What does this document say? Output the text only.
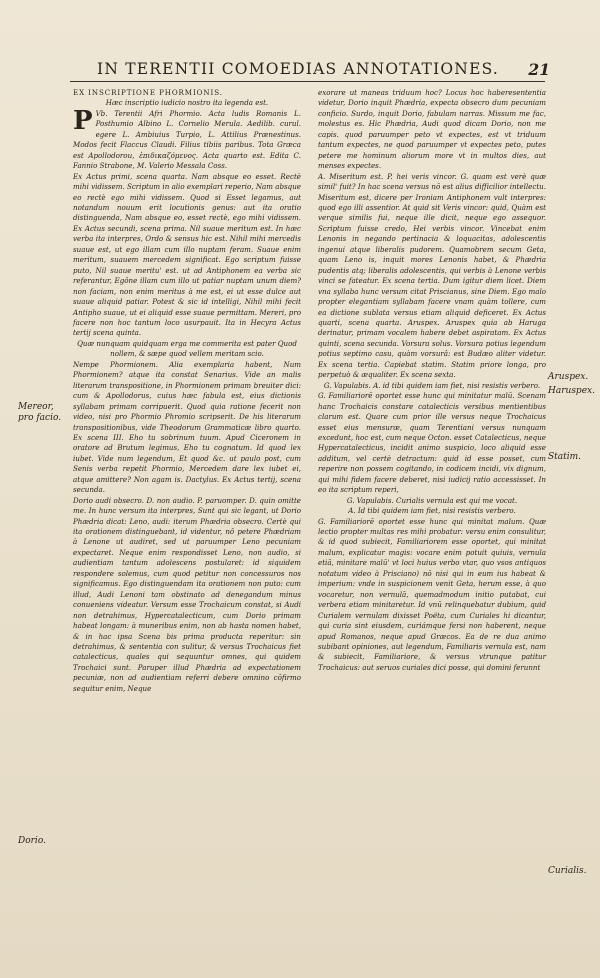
IN TERENTII COMOEDIAS ANNOTATIONES.	21
Mereor, pro facio.
Dorio.
Aruspex.
Haruspex.
Statim.
Curialis.

EX INSCRIPTIONE PHORMIONIS.

Hæc inscriptio iudicio nostro ita legenda est.

P Vb. Terentii Afri Phormio. Acta ludis Romanis L. Posthumio Albino L. Cornelio Merula. Aedilib. curul. egere L. Ambiuius Turpio, L. Attilius Prænestinus. Modos fecit Flaccus Claudi. Filius tibiis paribus. Tota Græca est Apollodorou, ἐπιδικαζόμενος. Acta quarto est. Edita C. Fannio Strabone, M. Valerio Messala Coss.

Ex Actus primi, scena quarta. Nam absque eo esset. Rectè mihi vidissem. Scriptum in alio exemplari reperio, Nam absque eo rectè ego mihi vidissem. Quod si Esset legamus, aut notandum nouum erit locutionis genus: aut ita oratio distinguenda, Nam absque eo, esset rectè, ego mihi vidissem. Ex Actus secundi, scena prima. Nil suaue meritum est. In hæc verba ita interpres, Ordo & sensus hic est. Nihil mihi mercedis suaue est, ut ego illam cum illo nuptam feram. Suaue enim meritum, suauem mercedem significat. Ego scriptum fuisse puto, Nil suaue meritu' est. ut ad Antiphonem ea verba sic referantur, Egône illam cum illo ut patiar nuptam unum diem? non faciam, non enim meritus à me est, ei ut esse dulce aut suaue aliquid patiar. Potest & sic id intelligi, Nihil mihi fecit Antipho suaue, ut ei aliquid esse suaue permittam. Mereri, pro facere non hoc tantum loco usurpauit. Ita in Hecyra Actus tertij scena quinta.

Quæ nunquam quidquam erga me commerita est pater Quod nollem, & sæpe quod vellem meritam scio.

Nempe Phormionem. Alia exemplaria habent, Num Phormionem? atque ita constat Senarius. Vide an malis literarum transpositione, in Phormionem primam breuiter dici: cum & Apollodorus, cuius hæc fabula est, eius dictionis syllabam primam corripuerit. Quod quia ratione fecerit non video, nisi pro Phormio Phromio scripserit. De his literarum transpositionibus, vide Theodorum Grammaticæ libro quarto. Ex scena III. Eho tu sobrinum tuum. Apud Ciceronem in oratore ad Brutum legimus, Eho tu cognatum. Id quod lex iubet. Vide num legendum, Et quod &c. ut paulo post, cum Senis verba repetit Phormio, Mercedem dare lex iubet ei, atque amittere? Non agam is. Dactylus. Ex Actus tertij, scena secunda.

Dorio audi obsecro. D. non audio. P. paruomper. D. quin omitte me. In hunc versum ita interpres, Sunt qui sic legant, ut Dorio Phædria dicat: Leno, audi: iterum Phædria obsecro. Certè qui ita orationem distinguebant, id videntur, nô petere Phædriam à Lenone ut audiret, sed ut paruumper Leno pecuniam expectaret. Neque enim respondisset Leno, non audio, si audientiam tantum adolescens postularet: id siquidem respondere solemus, cum quod petitur non concessuros nos significamus. Ego distinguendam ita orationem non puto: cum illud, Audi Lenoni tam obstinato ad denegandum minus conueniens videatur. Versum esse Trochaicum constat, si Audi non detrahimus, Hypercatalecticum, cum Dorio primam habeat longam: à muneribus enim, non ab hasta nomen habet, & in hac ipsa Scena bis prima producta reperitur: sin detrahimus, & sententia con sulitur, & versus Trochaicus fiet catalecticus, quales qui sequuntur omnes, qui quidem Trochaici sunt. Paruper illud Phædria ad expectationem pecuniæ, non ad audientiam referri debere omnino cōfirmo sequitur enim, Neque

exorare ut maneas triduum hoc? Locus hoc haberesententia videtur, Dorio inquit Phædria, expecta obsecro dum pecuniam conficio. Surdo, inquit Dorio, fabulam narras. Missum me fac, molestus es. Hic Phædria, Audi quod dicam Dorio, non me capis. quod paruumper peto vt expectes, est vt triduum tantum expectes, ne quod paruumper vt expectes peto, putes petere me hominum aliorum more vt in multos dies, aut menses expectes.

A. Miseritum est. P. hei veris vincor. G. quam est verè quæ simil' fuit? In hac scena versus nō est alius difficilior intellectu. Miseritum est, dicere per Ironiam Antiphonem vult interpres: quod ego illi assentior. At quid sit Veris vincor: quid, Quàm est verque similis fui, neque ille dicit, neque ego assequor. Scriptum fuisse credo, Hei verbis vincor. Vincebat enim Lenonis in negando pertinacia & loquacitas, adolescentis ingenui atque liberalis pudorem. Quamobrem secum Geta, quam Leno is, inquit mores Lenonis habet, & Phædria pudentis atq; liberalis adolescentis, qui verbis à Lenone verbis vinci se fateatur. Ex scena tertia. Dum igitur diem licet. Diem vna syllaba hunc versum citat Priscianus, sine Diem. Ego malo propter elegantiam syllabam facere vnam quàm tollere, cum ea dictione sublata versus etiam aliquid deficeret. Ex Actus quarti, scena quarta. Aruspex. Aruspex quia ab Haruga derinatur, primam vocalem habere debet aspiratam. Ex Actus quinti, scena secunda. Vorsura solus. Vorsura potius legendum potius septimo casu, quàm vorsurâ: est Budæo aliter videtur. Ex scena tertia. Capiebat statim. Statim priore longa, pro perpetuò & æqualiter. Ex scena sexta.

G. Vapulabis. A. id tibi quidem iam fiet, nisi resistis verbero.

G. Familiariorē oportet esse hunc qui minitatur malū. Scenam hanc Trochaicis constare catalecticis versibus mentientibus clarum est. Quare cum prior ille versus neque Trochaicus esset eius mensuræ, quam Terentiani versus nunquam excedunt, hoc est, cum neque Octon. esset Catalecticus, neque Hypercatalecticus, incidit animo suspicio, loco aliquid esse additum, vel certè detractum: quid id esse posset, cum reperire non possem cogitando, in codicem incidi, vix dignum, qui mihi fidem facere deberet, nisi iudicij ratio accessisset. In eo ita scriptum reperi,

G. Vapulabis. Curialis vernula est qui me vocat.

A. Id tibi quidem iam fiet, nisi resistis verbero.

G. Familiariorē oportet esse hunc qui minitat malum. Quæ lectio propter multas res mihi probatur: versu enim consulitur, & id quod subiecit, Familiariorem esse oportet, qui minitat malum, explicatur magis: vocare enim potuit quiuis, vernula etiā, minitare malū' vt loci huius verbo vtar, quo vsos antiquos notatum video à Prisciano) nō nisi qui in eum ius habeat & imperium: vnde in suspicionem venit Geta, herum esse, à quo vocaretur, non vernulā, quemadmodum initio putabat, cui verbera etiam minitaretur. Id vnū relinquebatur dubium, quid Curialem vernulam dixisset Poëta, cum Curiales hi dicantur, qui curia sint eiusdem, curiámque fersi non haberent, neque apud Romanos, neque apud Græcos. Ea de re dua animo subibant opiniones, aut legendum, Familiaris vernula est, nam & subiecit, Familiariore, & versus vtrunque patitur Trochaicus: aut seruos curiales dici posse, qui domini ferunnt
